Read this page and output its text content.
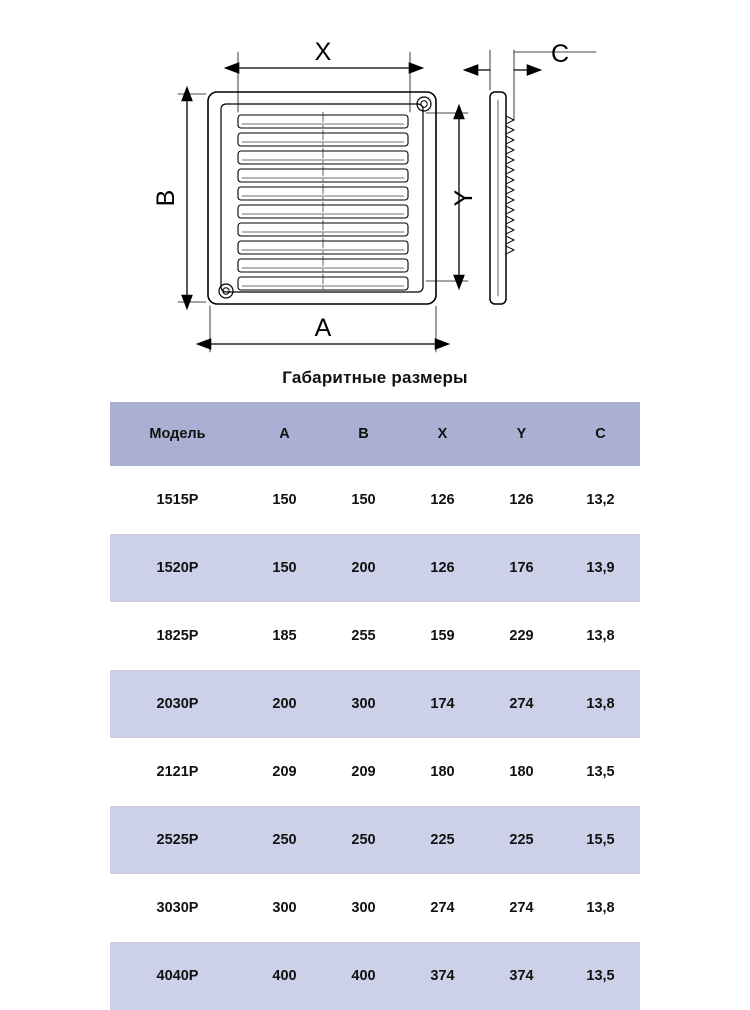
X
A
B	Y
C
Габаритные размеры
Модель	A	B	X	Y	C
1515Р	150	150	126	126	13,2
1520Р	150	200	126	176	13,9
1825Р	185	255	159	229	13,8
2030Р	200	300	174	274	13,8
2121Р	209	209	180	180	13,5
2525Р	250	250	225	225	15,5
3030Р	300	300	274	274	13,8
4040Р	400	400	374	374	13,5
